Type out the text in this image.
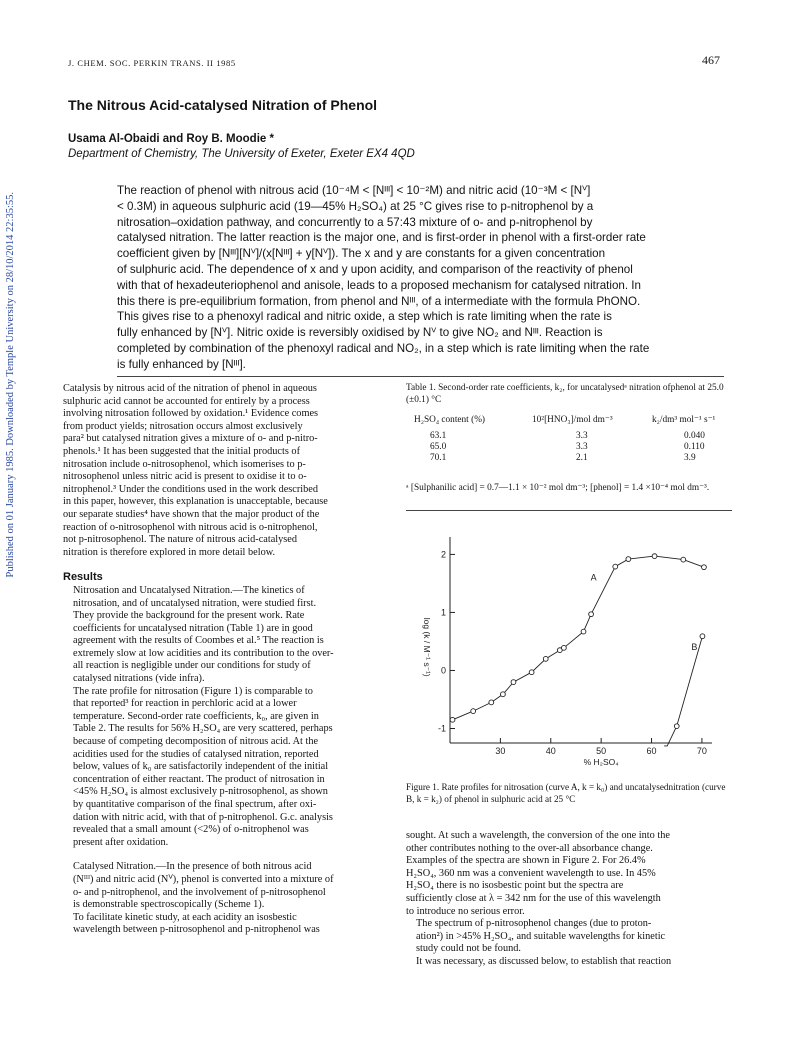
J. CHEM. SOC. PERKIN TRANS. II 1985	467
Published on 01 January 1985. Downloaded by Temple University on 28/10/2014 22:35:55.
The Nitrous Acid-catalysed Nitration of Phenol
Usama Al-Obaidi and Roy B. Moodie *
Department of Chemistry, The University of Exeter, Exeter EX4 4QD
The reaction of phenol with nitrous acid (10⁻⁴M < [Nᴵᴵᴵ] < 10⁻²M) and nitric acid (10⁻³M < [Nⱽ]
< 0.3M) in aqueous sulphuric acid (19—45% H₂SO₄) at 25 °C gives rise to p-nitrophenol by a
nitrosation–oxidation pathway, and concurrently to a 57:43 mixture of o- and p-nitrophenol by
catalysed nitration. The latter reaction is the major one, and is first-order in phenol with a first-order rate
coefficient given by [Nᴵᴵᴵ][Nⱽ]/(x[Nᴵᴵᴵ] + y[Nⱽ]). The x and y are constants for a given concentration
of sulphuric acid. The dependence of x and y upon acidity, and comparison of the reactivity of phenol
with that of hexadeuteriophenol and anisole, leads to a proposed mechanism for catalysed nitration. In
this there is pre-equilibrium formation, from phenol and Nᴵᴵᴵ, of a intermediate with the formula PhONO.
This gives rise to a phenoxyl radical and nitric oxide, a step which is rate limiting when the rate is
fully enhanced by [Nⱽ]. Nitric oxide is reversibly oxidised by Nⱽ to give NO₂ and Nᴵᴵᴵ. Reaction is
completed by combination of the phenoxyl radical and NO₂, in a step which is rate limiting when the rate
is fully enhanced by [Nᴵᴵᴵ].

Catalysis by nitrous acid of the nitration of phenol in aqueous
sulphuric acid cannot be accounted for entirely by a process
involving nitrosation followed by oxidation.¹ Evidence comes
from product yields; nitrosation occurs almost exclusively
para² but catalysed nitration gives a mixture of o- and p-nitro-
phenols.¹ It has been suggested that the initial products of
nitrosation include o-nitrosophenol, which isomerises to p-
nitrosophenol unless nitric acid is present to oxidise it to o-
nitrophenol.³ Under the conditions used in the work described
in this paper, however, this explanation is unacceptable, because
our separate studies⁴ have shown that the major product of the
reaction of o-nitrosophenol with nitrous acid is o-nitrophenol,
not p-nitrosophenol. The nature of nitrous acid-catalysed
nitration is therefore explored in more detail below.

Results

Nitrosation and Uncatalysed Nitration.—The kinetics of
nitrosation, and of uncatalysed nitration, were studied first.
They provide the background for the present work. Rate
coefficients for uncatalysed nitration (Table 1) are in good
agreement with the results of Coombes et al.⁵ The reaction is
extremely slow at low acidities and its contribution to the over-
all reaction is negligible under our conditions for study of
catalysed nitrations (vide infra).

The rate profile for nitrosation (Figure 1) is comparable to
that reported³ for reaction in perchloric acid at a lower
temperature. Second-order rate coefficients, k₀, are given in
Table 2. The results for 56% H₂SO₄ are very scattered, perhaps
because of competing decomposition of nitrous acid. At the
acidities used for the studies of catalysed nitration, reported
below, values of k₀ are satisfactorily independent of the initial
concentration of either reactant. The product of nitrosation in
<45% H₂SO₄ is almost exclusively p-nitrosophenol, as shown
by quantitative comparison of the final spectrum, after oxi-
dation with nitric acid, with that of p-nitrophenol. G.c. analysis
revealed that a small amount (<2%) of o-nitrophenol was
present after oxidation.

Catalysed Nitration.—In the presence of both nitrous acid
(Nᴵᴵᴵ) and nitric acid (Nⱽ), phenol is converted into a mixture of
o- and p-nitrophenol, and the involvement of p-nitrosophenol
is demonstrable spectroscopically (Scheme 1).

To facilitate kinetic study, at each acidity an isosbestic
wavelength between p-nitrosophenol and p-nitrophenol was

Table 1. Second-order rate coefficients, k₂, for uncatalysedᵃ nitration ofphenol at 25.0 (±0.1) °C
H₂SO₄ content (%)	10²[HNO₃]/mol dm⁻³	k₂/dm³ mol⁻¹ s⁻¹
63.1	3.3	0.040
65.0	3.3	0.110
70.1	2.1	3.9
ᵃ [Sulphanilic acid] = 0.7—1.1 × 10⁻² mol dm⁻³; [phenol] = 1.4 ×10⁻⁴ mol dm⁻³.
30	40	50	60	70
-1
0
1
2
% H₂SO₄
log (k / M⁻¹ s⁻¹)
A
B
Figure 1. Rate profiles for nitrosation (curve A, k = k₀) and uncatalysednitration (curve B, k = k₂) of phenol in sulphuric acid at 25 °C

sought. At such a wavelength, the conversion of the one into the
other contributes nothing to the over-all absorbance change.
Examples of the spectra are shown in Figure 2. For 26.4%
H₂SO₄, 360 nm was a convenient wavelength to use. In 45%
H₂SO₄ there is no isosbestic point but the spectra are
sufficiently close at λ = 342 nm for the use of this wavelength
to introduce no serious error.

The spectrum of p-nitrosophenol changes (due to proton-
ation²) in >45% H₂SO₄, and suitable wavelengths for kinetic
study could not be found.

It was necessary, as discussed below, to establish that reaction
